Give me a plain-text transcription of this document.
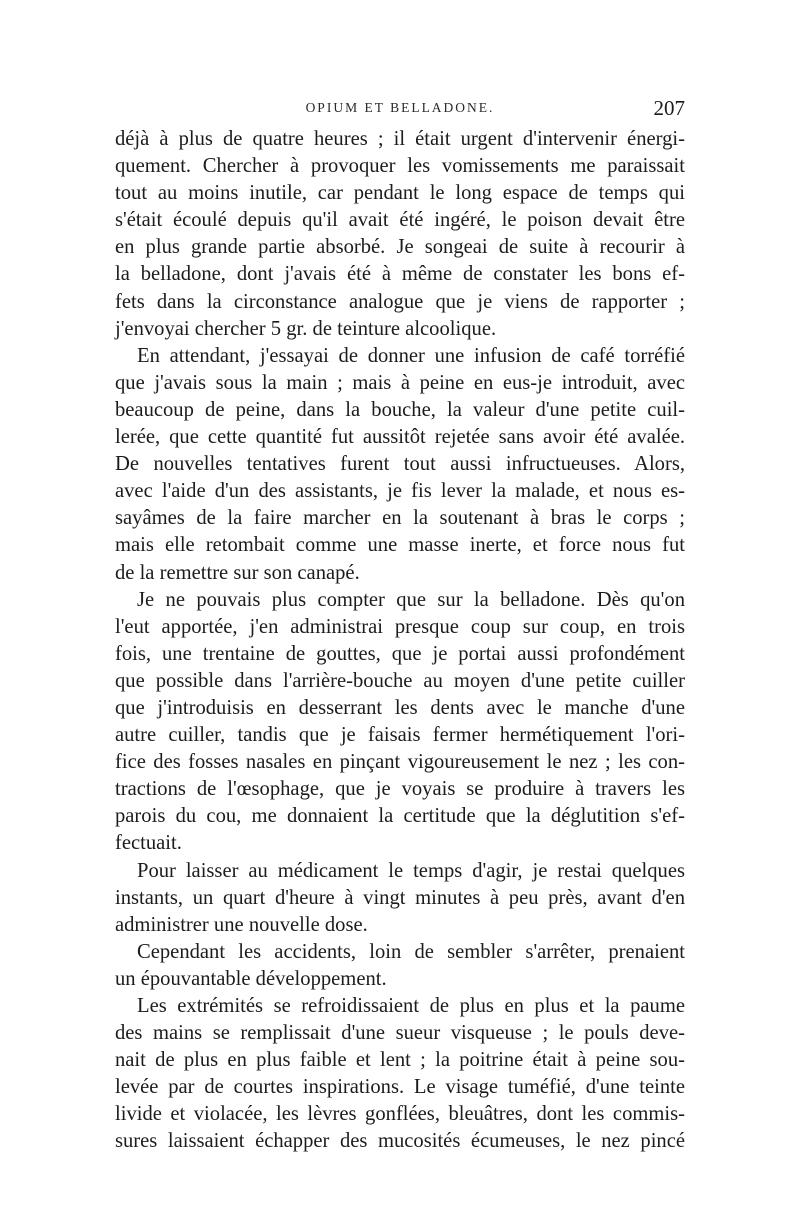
OPIUM ET BELLADONE.	207
déjà à plus de quatre heures ; il était urgent d'intervenir énergi-
quement. Chercher à provoquer les vomissements me paraissait
tout au moins inutile, car pendant le long espace de temps qui
s'était écoulé depuis qu'il avait été ingéré, le poison devait être
en plus grande partie absorbé. Je songeai de suite à recourir à
la belladone, dont j'avais été à même de constater les bons ef-
fets dans la circonstance analogue que je viens de rapporter ;
j'envoyai chercher 5 gr. de teinture alcoolique.
En attendant, j'essayai de donner une infusion de café torréfié
que j'avais sous la main ; mais à peine en eus-je introduit, avec
beaucoup de peine, dans la bouche, la valeur d'une petite cuil-
lerée, que cette quantité fut aussitôt rejetée sans avoir été avalée.
De nouvelles tentatives furent tout aussi infructueuses. Alors,
avec l'aide d'un des assistants, je fis lever la malade, et nous es-
sayâmes de la faire marcher en la soutenant à bras le corps ;
mais elle retombait comme une masse inerte, et force nous fut
de la remettre sur son canapé.
Je ne pouvais plus compter que sur la belladone. Dès qu'on
l'eut apportée, j'en administrai presque coup sur coup, en trois
fois, une trentaine de gouttes, que je portai aussi profondément
que possible dans l'arrière-bouche au moyen d'une petite cuiller
que j'introduisis en desserrant les dents avec le manche d'une
autre cuiller, tandis que je faisais fermer hermétiquement l'ori-
fice des fosses nasales en pinçant vigoureusement le nez ; les con-
tractions de l'œsophage, que je voyais se produire à travers les
parois du cou, me donnaient la certitude que la déglutition s'ef-
fectuait.
Pour laisser au médicament le temps d'agir, je restai quelques
instants, un quart d'heure à vingt minutes à peu près, avant d'en
administrer une nouvelle dose.
Cependant les accidents, loin de sembler s'arrêter, prenaient
un épouvantable développement.
Les extrémités se refroidissaient de plus en plus et la paume
des mains se remplissait d'une sueur visqueuse ; le pouls deve-
nait de plus en plus faible et lent ; la poitrine était à peine sou-
levée par de courtes inspirations. Le visage tuméfié, d'une teinte
livide et violacée, les lèvres gonflées, bleuâtres, dont les commis-
sures laissaient échapper des mucosités écumeuses, le nez pincé
